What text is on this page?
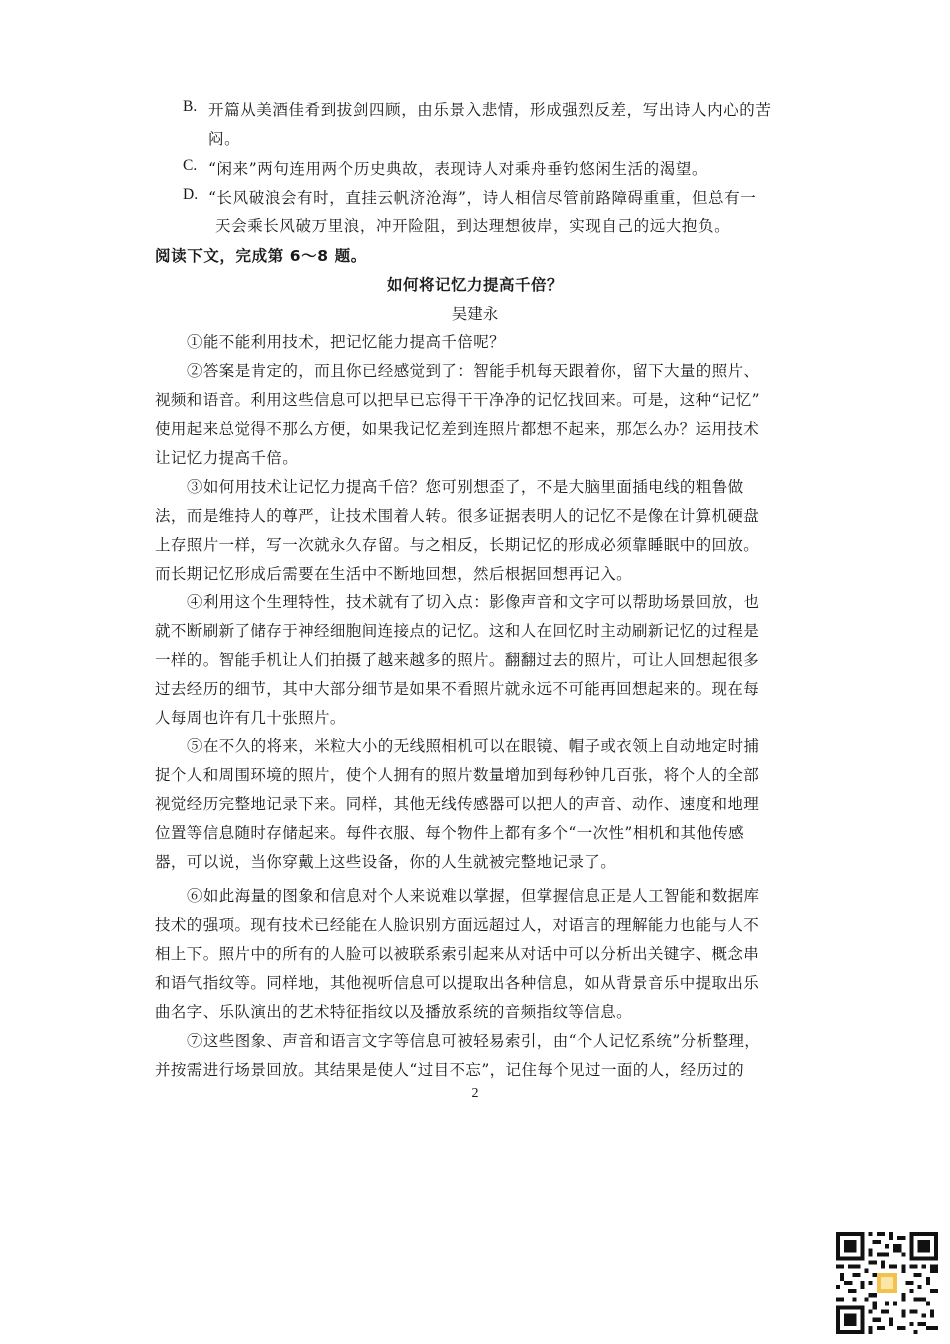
B. 开篇从美酒佳肴到拔剑四顾，由乐景入悲情，形成强烈反差，写出诗人内心的苦
闷。
C. “闲来”两句连用两个历史典故，表现诗人对乘舟垂钓悠闲生活的渴望。
D. “长风破浪会有时，直挂云帆济沧海”，诗人相信尽管前路障碍重重，但总有一
天会乘长风破万里浪，冲开险阻，到达理想彼岸，实现自己的远大抱负。
阅读下文，完成第 6～8 题。
如何将记忆力提高千倍？
吴建永
①能不能利用技术，把记忆能力提高千倍呢？
②答案是肯定的，而且你已经感觉到了：智能手机每天跟着你，留下大量的照片、
视频和语音。利用这些信息可以把早已忘得干干净净的记忆找回来。可是，这种“记忆”
使用起来总觉得不那么方便，如果我记忆差到连照片都想不起来，那怎么办？运用技术
让记忆力提高千倍。
③如何用技术让记忆力提高千倍？您可别想歪了，不是大脑里面插电线的粗鲁做
法，而是维持人的尊严，让技术围着人转。很多证据表明人的记忆不是像在计算机硬盘
上存照片一样，写一次就永久存留。与之相反，长期记忆的形成必须靠睡眠中的回放。
而长期记忆形成后需要在生活中不断地回想，然后根据回想再记入。
④利用这个生理特性，技术就有了切入点：影像声音和文字可以帮助场景回放，也
就不断刷新了储存于神经细胞间连接点的记忆。这和人在回忆时主动刷新记忆的过程是
一样的。智能手机让人们拍摄了越来越多的照片。翻翻过去的照片，可让人回想起很多
过去经历的细节，其中大部分细节是如果不看照片就永远不可能再回想起来的。现在每
人每周也许有几十张照片。
⑤在不久的将来，米粒大小的无线照相机可以在眼镜、帽子或衣领上自动地定时捕
捉个人和周围环境的照片，使个人拥有的照片数量增加到每秒钟几百张，将个人的全部
视觉经历完整地记录下来。同样，其他无线传感器可以把人的声音、动作、速度和地理
位置等信息随时存储起来。每件衣服、每个物件上都有多个“一次性”相机和其他传感
器，可以说，当你穿戴上这些设备，你的人生就被完整地记录了。
⑥如此海量的图象和信息对个人来说难以掌握，但掌握信息正是人工智能和数据库
技术的强项。现有技术已经能在人脸识别方面远超过人，对语言的理解能力也能与人不
相上下。照片中的所有的人脸可以被联系索引起来从对话中可以分析出关键字、概念串
和语气指纹等。同样地，其他视听信息可以提取出各种信息，如从背景音乐中提取出乐
曲名字、乐队演出的艺术特征指纹以及播放系统的音频指纹等信息。
⑦这些图象、声音和语言文字等信息可被轻易索引，由“个人记忆系统”分析整理，
并按需进行场景回放。其结果是使人“过目不忘”，记住每个见过一面的人，经历过的
2
